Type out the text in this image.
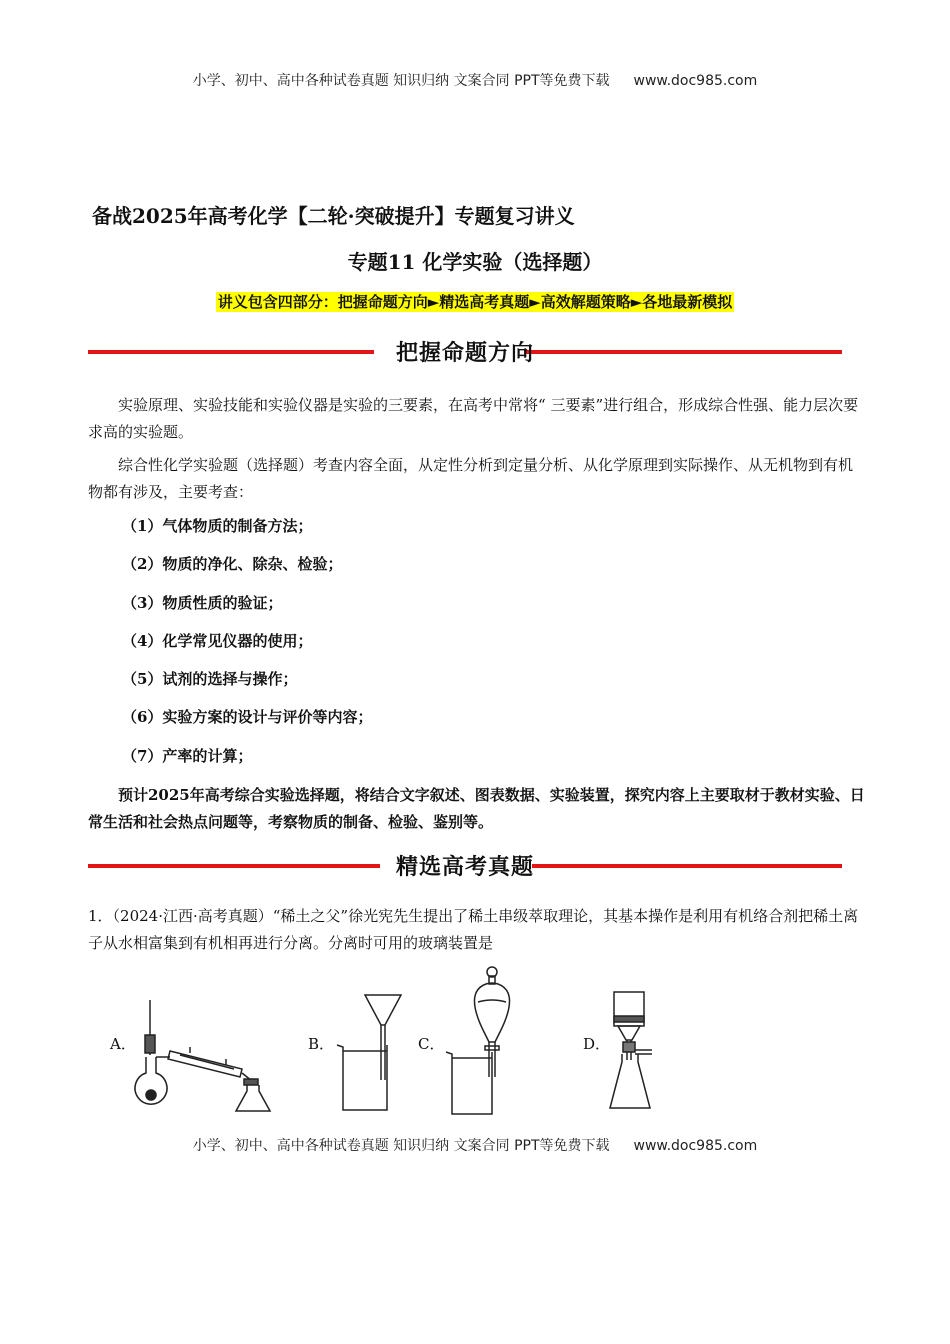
小学、初中、高中各种试卷真题 知识归纳 文案合同 PPT等免费下载 www.doc985.com
备战2025年高考化学【二轮·突破提升】专题复习讲义
专题11 化学实验（选择题）
讲义包含四部分：把握命题方向►精选高考真题►高效解题策略►各地最新模拟
把握命题方向
实验原理、实验技能和实验仪器是实验的三要素，在高考中常将“ 三要素”进行组合，形成综合性强、能力层次要求高的实验题。
综合性化学实验题（选择题）考查内容全面，从定性分析到定量分析、从化学原理到实际操作、从无机物到有机物都有涉及，主要考查：
（1）气体物质的制备方法；
（2）物质的净化、除杂、检验；
（3）物质性质的验证；
（4）化学常见仪器的使用；
（5）试剂的选择与操作；
（6）实验方案的设计与评价等内容；
（7）产率的计算；
预计2025年高考综合实验选择题，将结合文字叙述、图表数据、实验装置，探究内容上主要取材于教材实验、日常生活和社会热点问题等，考察物质的制备、检验、鉴别等。
精选高考真题
1．（2024·江西·高考真题）“稀土之父”徐光宪先生提出了稀土串级萃取理论，其基本操作是利用有机络合剂把稀土离子从水相富集到有机相再进行分离。分离时可用的玻璃装置是
A．	B．	C．	D．
小学、初中、高中各种试卷真题 知识归纳 文案合同 PPT等免费下载 www.doc985.com
